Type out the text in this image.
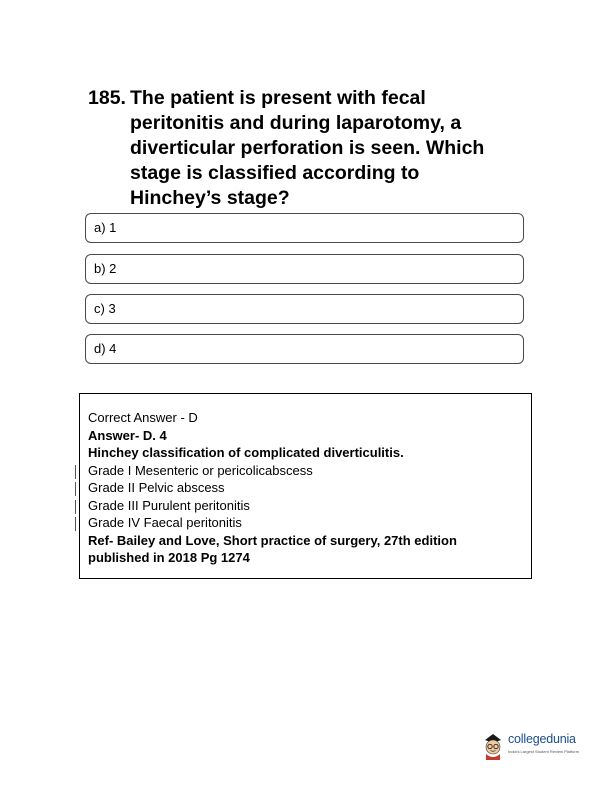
185. The patient is present with fecal
peritonitis and during laparotomy, a
diverticular perforation is seen. Which
stage is classified according to
Hinchey’s stage?
a) 1
b) 2
c) 3
d) 4
Correct Answer - D
Answer- D. 4
Hinchey classification of complicated diverticulitis.
Grade I Mesenteric or pericolicabscess
Grade II Pelvic abscess
Grade III Purulent peritonitis
Grade IV Faecal peritonitis
Ref- Bailey and Love, Short practice of surgery, 27th edition
published in 2018 Pg 1274
collegedunia
India's Largest Student Review Platform
